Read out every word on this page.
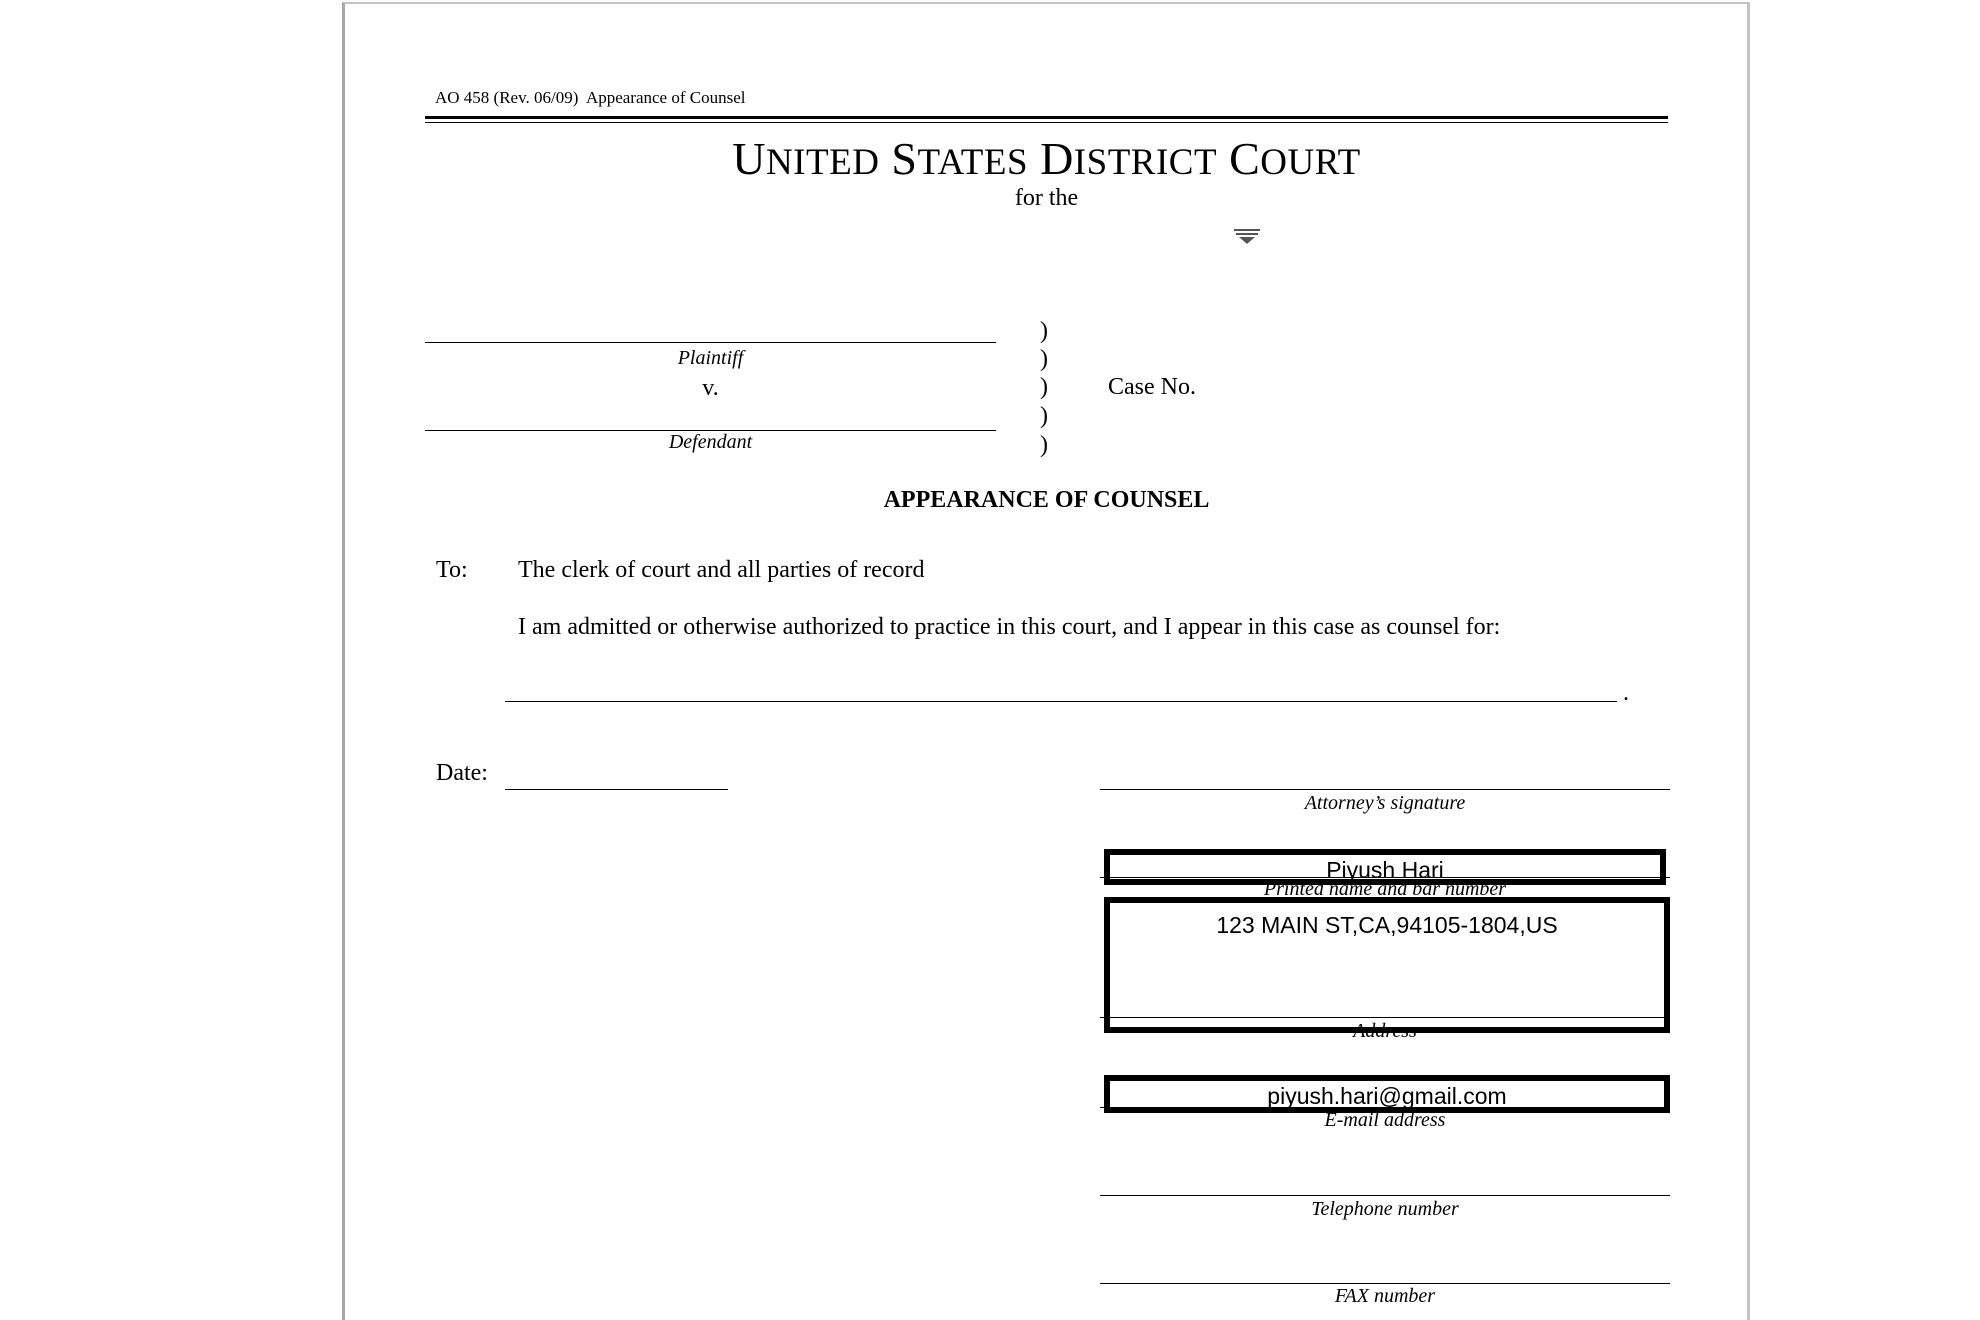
AO 458 (Rev. 06/09)  Appearance of Counsel
UNITED STATES DISTRICT COURT
for the
Plaintiff
v.
Defendant
)
)
)
)
)
Case No.
APPEARANCE OF COUNSEL
To: The clerk of court and all parties of record
I am admitted or otherwise authorized to practice in this court, and I appear in this case as counsel for:
.
Date:
Attorney’s signature
Printed name and bar number
Piyush Hari
Address
123 MAIN ST,CA,94105-1804,US
E-mail address
piyush.hari@gmail.com
Telephone number
FAX number
